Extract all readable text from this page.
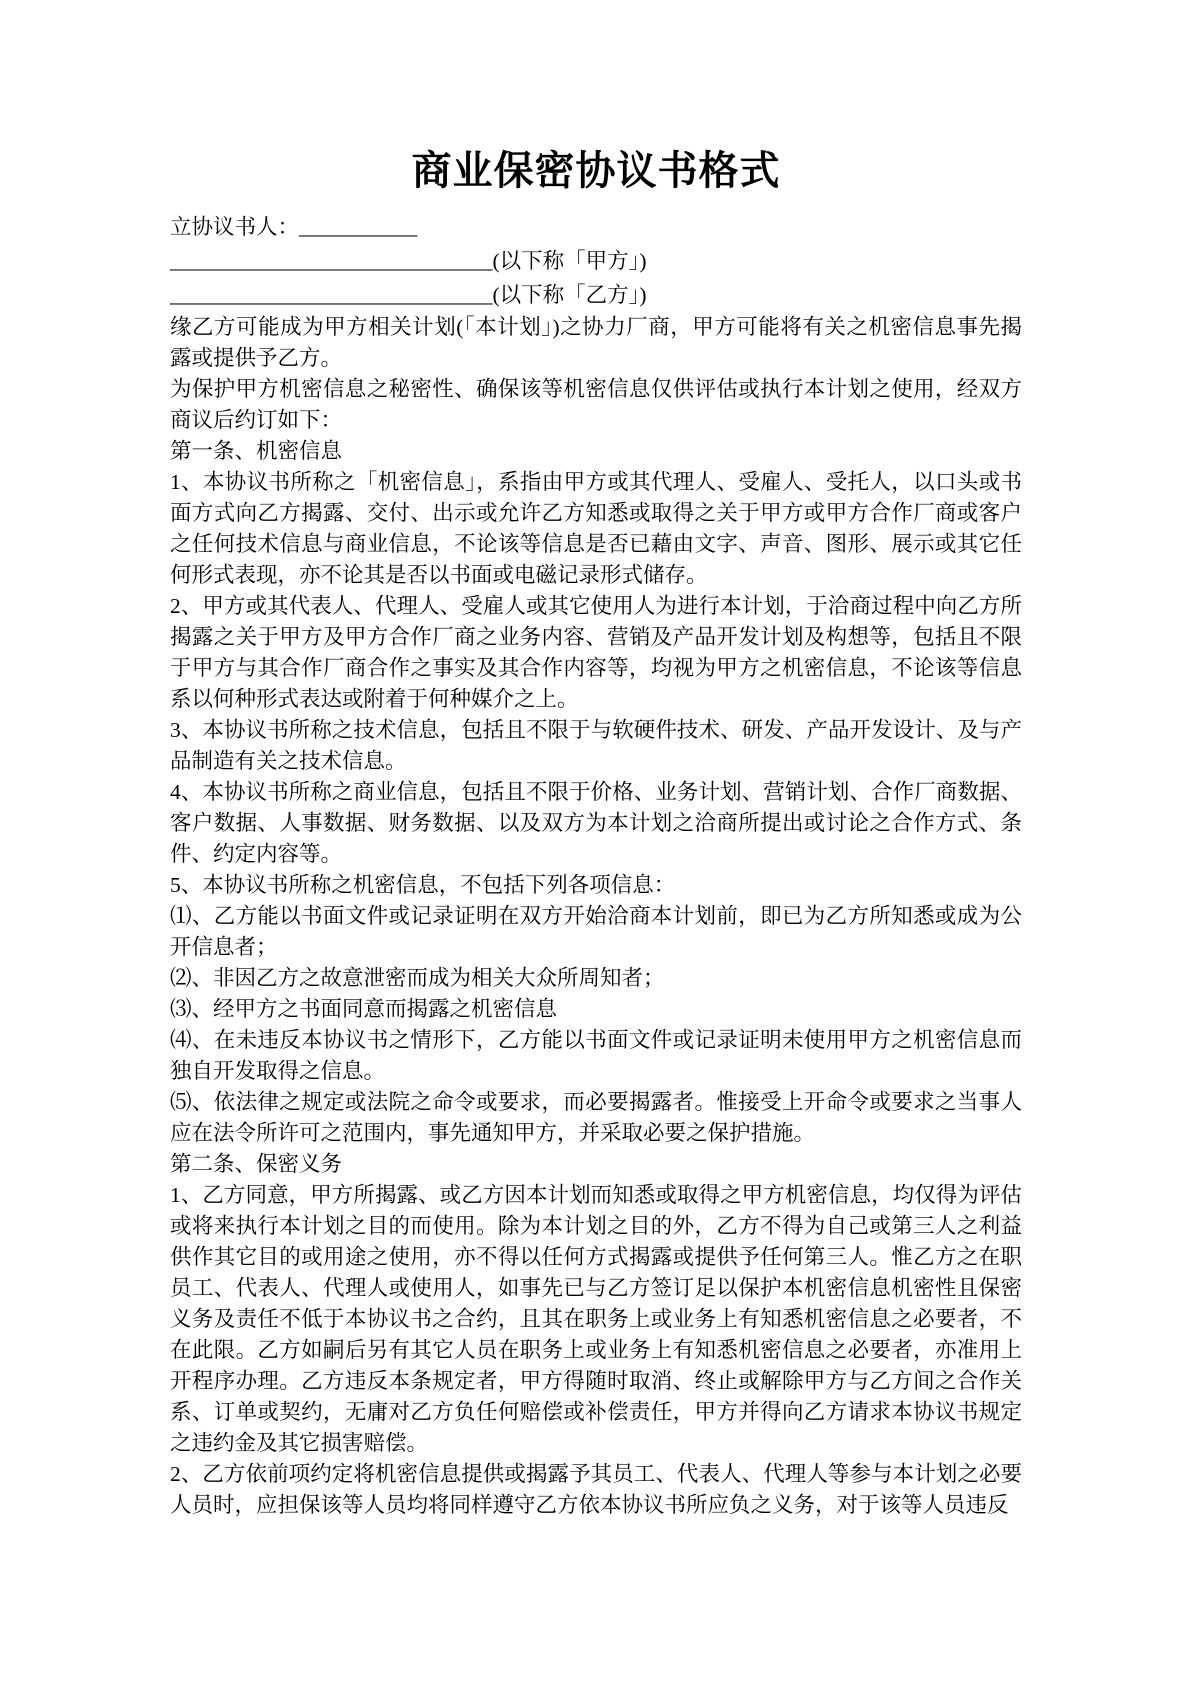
商业保密协议书格式

立协议书人：___________

______________________________(以下称「甲方」)

______________________________(以下称「乙方」)

缘乙方可能成为甲方相关计划(「本计划」)之协力厂商，甲方可能将有关之机密信息事先揭露或提供予乙方。

为保护甲方机密信息之秘密性、确保该等机密信息仅供评估或执行本计划之使用，经双方商议后约订如下：

第一条、机密信息

1、本协议书所称之「机密信息」，系指由甲方或其代理人、受雇人、受托人，以口头或书面方式向乙方揭露、交付、出示或允许乙方知悉或取得之关于甲方或甲方合作厂商或客户之任何技术信息与商业信息，不论该等信息是否已藉由文字、声音、图形、展示或其它任何形式表现，亦不论其是否以书面或电磁记录形式储存。

2、甲方或其代表人、代理人、受雇人或其它使用人为进行本计划，于洽商过程中向乙方所揭露之关于甲方及甲方合作厂商之业务内容、营销及产品开发计划及构想等，包括且不限于甲方与其合作厂商合作之事实及其合作内容等，均视为甲方之机密信息，不论该等信息系以何种形式表达或附着于何种媒介之上。

3、本协议书所称之技术信息，包括且不限于与软硬件技术、研发、产品开发设计、及与产品制造有关之技术信息。

4、本协议书所称之商业信息，包括且不限于价格、业务计划、营销计划、合作厂商数据、客户数据、人事数据、财务数据、以及双方为本计划之洽商所提出或讨论之合作方式、条件、约定内容等。

5、本协议书所称之机密信息，不包括下列各项信息：

⑴、乙方能以书面文件或记录证明在双方开始洽商本计划前，即已为乙方所知悉或成为公开信息者；

⑵、非因乙方之故意泄密而成为相关大众所周知者；

⑶、经甲方之书面同意而揭露之机密信息

⑷、在未违反本协议书之情形下，乙方能以书面文件或记录证明未使用甲方之机密信息而独自开发取得之信息。

⑸、依法律之规定或法院之命令或要求，而必要揭露者。惟接受上开命令或要求之当事人应在法令所许可之范围内，事先通知甲方，并采取必要之保护措施。

第二条、保密义务

1、乙方同意，甲方所揭露、或乙方因本计划而知悉或取得之甲方机密信息，均仅得为评估或将来执行本计划之目的而使用。除为本计划之目的外，乙方不得为自己或第三人之利益供作其它目的或用途之使用，亦不得以任何方式揭露或提供予任何第三人。惟乙方之在职员工、代表人、代理人或使用人，如事先已与乙方签订足以保护本机密信息机密性且保密义务及责任不低于本协议书之合约，且其在职务上或业务上有知悉机密信息之必要者，不在此限。乙方如嗣后另有其它人员在职务上或业务上有知悉机密信息之必要者，亦准用上开程序办理。乙方违反本条规定者，甲方得随时取消、终止或解除甲方与乙方间之合作关系、订单或契约，无庸对乙方负任何赔偿或补偿责任，甲方并得向乙方请求本协议书规定之违约金及其它损害赔偿。

2、乙方依前项约定将机密信息提供或揭露予其员工、代表人、代理人等参与本计划之必要人员时，应担保该等人员均将同样遵守乙方依本协议书所应负之义务，对于该等人员违反
